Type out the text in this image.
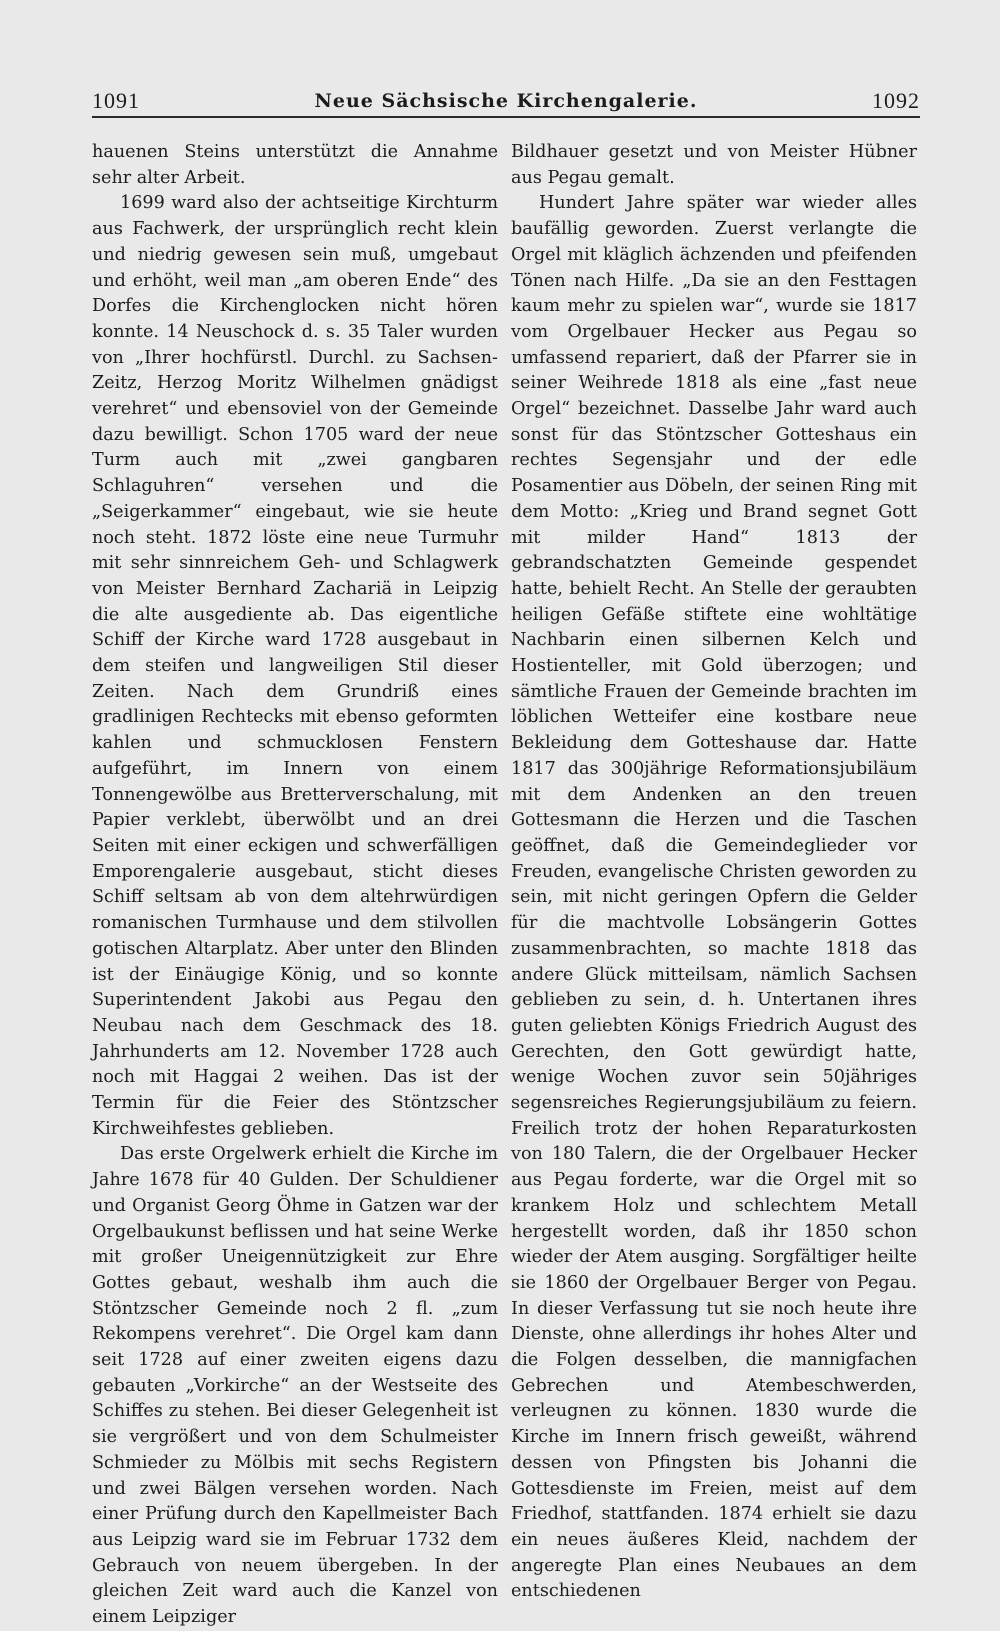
1091	Neue Sächsische Kirchengalerie.	1092

hauenen Steins unterstützt die Annahme sehr alter Arbeit.

1699 ward also der achtseitige Kirchturm aus Fachwerk, der ursprünglich recht klein und niedrig gewesen sein muß, umgebaut und erhöht, weil man „am oberen Ende“ des Dorfes die Kirchenglocken nicht hören konnte. 14 Neuschock d. s. 35 Taler wurden von „Ihrer hochfürstl. Durchl. zu Sachsen-Zeitz, Herzog Moritz Wilhelmen gnädigst verehret“ und ebensoviel von der Gemeinde dazu bewilligt. Schon 1705 ward der neue Turm auch mit „zwei gangbaren Schlaguhren“ versehen und die „Seigerkammer“ eingebaut, wie sie heute noch steht. 1872 löste eine neue Turmuhr mit sehr sinnreichem Geh- und Schlagwerk von Meister Bernhard Zachariä in Leipzig die alte ausgediente ab. Das eigentliche Schiff der Kirche ward 1728 ausgebaut in dem steifen und langweiligen Stil dieser Zeiten. Nach dem Grundriß eines gradlinigen Rechtecks mit ebenso geformten kahlen und schmucklosen Fenstern aufgeführt, im Innern von einem Tonnengewölbe aus Bretterverschalung, mit Papier verklebt, überwölbt und an drei Seiten mit einer eckigen und schwerfälligen Emporengalerie ausgebaut, sticht dieses Schiff seltsam ab von dem altehrwürdigen romanischen Turmhause und dem stilvollen gotischen Altarplatz. Aber unter den Blinden ist der Einäugige König, und so konnte Superintendent Jakobi aus Pegau den Neubau nach dem Geschmack des 18. Jahrhunderts am 12. November 1728 auch noch mit Haggai 2 weihen. Das ist der Termin für die Feier des Stöntzscher Kirchweihfestes geblieben.

Das erste Orgelwerk erhielt die Kirche im Jahre 1678 für 40 Gulden. Der Schuldiener und Organist Georg Öhme in Gatzen war der Orgelbaukunst beflissen und hat seine Werke mit großer Uneigennützigkeit zur Ehre Gottes gebaut, weshalb ihm auch die Stöntzscher Gemeinde noch 2 fl. „zum Rekompens verehret“. Die Orgel kam dann seit 1728 auf einer zweiten eigens dazu gebauten „Vorkirche“ an der Westseite des Schiffes zu stehen. Bei dieser Gelegenheit ist sie vergrößert und von dem Schulmeister Schmieder zu Mölbis mit sechs Registern und zwei Bälgen versehen worden. Nach einer Prüfung durch den Kapellmeister Bach aus Leipzig ward sie im Februar 1732 dem Gebrauch von neuem übergeben. In der gleichen Zeit ward auch die Kanzel von einem Leipziger

Bildhauer gesetzt und von Meister Hübner aus Pegau gemalt.

Hundert Jahre später war wieder alles baufällig geworden. Zuerst verlangte die Orgel mit kläglich ächzenden und pfeifenden Tönen nach Hilfe. „Da sie an den Festtagen kaum mehr zu spielen war“, wurde sie 1817 vom Orgelbauer Hecker aus Pegau so umfassend repariert, daß der Pfarrer sie in seiner Weihrede 1818 als eine „fast neue Orgel“ bezeichnet. Dasselbe Jahr ward auch sonst für das Stöntzscher Gotteshaus ein rechtes Segensjahr und der edle Posamentier aus Döbeln, der seinen Ring mit dem Motto: „Krieg und Brand segnet Gott mit milder Hand“ 1813 der gebrandschatzten Gemeinde gespendet hatte, behielt Recht. An Stelle der geraubten heiligen Gefäße stiftete eine wohltätige Nachbarin einen silbernen Kelch und Hostienteller, mit Gold überzogen; und sämtliche Frauen der Gemeinde brachten im löblichen Wetteifer eine kostbare neue Bekleidung dem Gotteshause dar. Hatte 1817 das 300jährige Reformationsjubiläum mit dem Andenken an den treuen Gottesmann die Herzen und die Taschen geöffnet, daß die Gemeindeglieder vor Freuden, evangelische Christen geworden zu sein, mit nicht geringen Opfern die Gelder für die machtvolle Lobsängerin Gottes zusammenbrachten, so machte 1818 das andere Glück mitteilsam, nämlich Sachsen geblieben zu sein, d. h. Untertanen ihres guten geliebten Königs Friedrich August des Gerechten, den Gott gewürdigt hatte, wenige Wochen zuvor sein 50jähriges segensreiches Regierungsjubiläum zu feiern. Freilich trotz der hohen Reparaturkosten von 180 Talern, die der Orgelbauer Hecker aus Pegau forderte, war die Orgel mit so krankem Holz und schlechtem Metall hergestellt worden, daß ihr 1850 schon wieder der Atem ausging. Sorgfältiger heilte sie 1860 der Orgelbauer Berger von Pegau. In dieser Verfassung tut sie noch heute ihre Dienste, ohne allerdings ihr hohes Alter und die Folgen desselben, die mannigfachen Gebrechen und Atembeschwerden, verleugnen zu können. 1830 wurde die Kirche im Innern frisch geweißt, während dessen von Pfingsten bis Johanni die Gottesdienste im Freien, meist auf dem Friedhof, stattfanden. 1874 erhielt sie dazu ein neues äußeres Kleid, nachdem der angeregte Plan eines Neubaues an dem entschiedenen
